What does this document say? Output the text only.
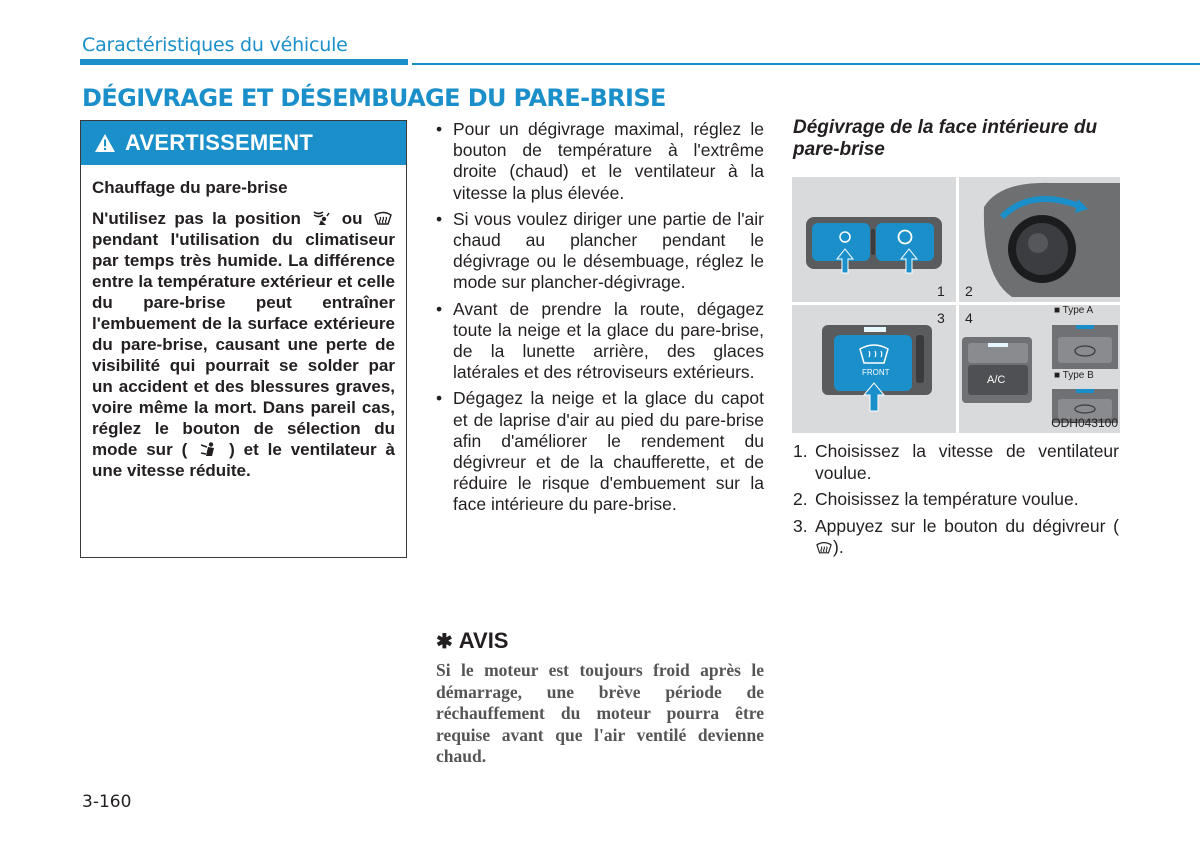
Caractéristiques du véhicule
DÉGIVRAGE ET DÉSEMBUAGE DU PARE-BRISE
AVERTISSEMENT

Chauffage du pare-brise

N'utilisez pas la position ou  pendant l'utilisation du climatiseur par temps très humide. La différence entre la température extérieur et celle du pare-brise peut entraîner l'embuement de la surface extérieure du pare-brise, causant une perte de visibilité qui pourrait se solder par un accident et des blessures graves, voire même la mort. Dans pareil cas, réglez le bouton de sélection du mode sur ( ) et le ventilateur à une vitesse réduite.

• Pour un dégivrage maximal, réglez le bouton de température à l'extrême droite (chaud) et le ventilateur à la vitesse la plus élevée.
• Si vous voulez diriger une partie de l'air chaud au plancher pendant le dégivrage ou le désembuage, réglez le mode sur plancher-dégivrage.
• Avant de prendre la route, dégagez toute la neige et la glace du pare-brise, de la lunette arrière, des glaces latérales et des rétroviseurs extérieurs.
• Dégagez la neige et la glace du capot et de laprise d'air au pied du pare-brise afin d'améliorer le rendement du dégivreur et de la chaufferette, et de réduire le risque d'embuement sur la face intérieure du pare-brise.
✱ AVIS

Si le moteur est toujours froid après le démarrage, une brève période de réchauffement du moteur pourra être requise avant que l'air ventilé devienne chaud.

Dégivrage de la face intérieure du pare-brise
1 2
3 4
FRONT
A/C
■ Type A
■ Type B
ODH043100
1. Choisissez la vitesse de ventilateur voulue.
2. Choisissez la température voulue.
3. Appuyez sur le bouton du dégivreur ().
3-160
